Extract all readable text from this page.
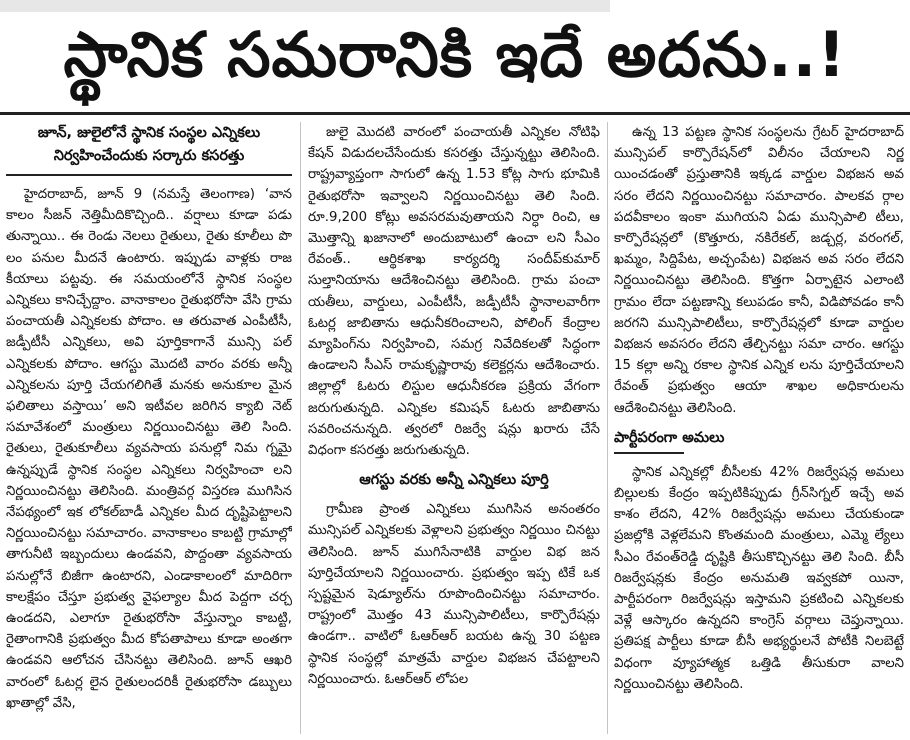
స్థానిక సమరానికి ఇదే అదను..!
జూన్, జులైలోనే స్థానిక సంస్థల ఎన్నికలు నిర్వహించేందుకు సర్కారు కసరత్తు

హైదరాబాద్, జూన్ 9 (నమస్తే తెలంగాణ) ‘వాన కాలం సీజన్ నెత్తిమీదికొచ్చింది.. వర్షాలు కూడా పడు తున్నాయి.. ఈ రెండు నెలలు రైతులు, రైతు కూలీలు పొ లం పనుల మీదనే ఉంటారు. ఇప్పుడు వాళ్లకు రాజ కీయాలు పట్టవు. ఈ సమయంలోనే స్థానిక సంస్థల ఎన్నికలు కానిచ్చేద్దాం. వానాకాలం రైతుభరోసా వేసి గ్రామ పంచాయతీ ఎన్నికలకు పోదాం. ఆ తరువాత ఎంపీటీసీ, జడ్పీటీసీ ఎన్నికలు, అవి పూర్తికాగానే మున్సి పల్ ఎన్నికలకు పోదాం. ఆగస్టు మొదటి వారం వరకు అన్నీ ఎన్నికలను పూర్తి చేయగలిగితే మనకు అనుకూల మైన ఫలితాలు వస్తాయి’ అని ఇటీవల జరిగిన క్యాబి నెట్ సమావేశంలో మంత్రులు నిర్ణయించినట్టు తెలి సింది. రైతులు, రైతుకూలీలు వ్యవసాయ పనుల్లో నిమ గ్నమై ఉన్నప్పుడే స్థానిక సంస్థల ఎన్నికలు నిర్వహించా లని నిర్ణయించినట్టు తెలిసింది. మంత్రివర్గ విస్తరణ ముగిసిన నేపథ్యంలో ఇక లోకల్‌బాడీ ఎన్నికల మీద దృష్టిపెట్టాలని నిర్ణయించినట్టు సమాచారం. వానాకాలం కాబట్టి గ్రామాల్లో తాగునీటి ఇబ్బందులు ఉండవని, పొద్దంతా వ్యవసాయ పనుల్లోనే బిజీగా ఉంటారని, ఎండాకాలంలో మాదిరిగా కాలక్షేపం చేస్తూ ప్రభుత్వ వైఫల్యాల మీద పెద్దగా చర్చ ఉండదని, ఎలాగూ రైతుభరోసా వేస్తున్నాం కాబట్టి, రైతాంగానికి ప్రభుత్వం మీద కోపతాపాలు కూడా అంతగా ఉండవని ఆలోచన చేసినట్టు తెలిసింది. జూన్ ఆఖరి వారంలో ఓటర్ల లైన రైతులందరికీ రైతుభరోసా డబ్బులు ఖాతాల్లో వేసి,

జులై మొదటి వారంలో పంచాయతీ ఎన్నికల నోటిఫి కేషన్ విడుదలచేసేందుకు కసరత్తు చేస్తున్నట్టు తెలిసింది. రాష్ట్రవ్యాప్తంగా సాగులో ఉన్న 1.53 కోట్ల సాగు భూమికి రైతుభరోసా ఇవ్వాలని నిర్ణయించినట్టు తెలి సింది. రూ.9,200 కోట్లు అవసరమవుతాయని నిర్ధా రించి, ఆ మొత్తాన్ని ఖజానాలో అందుబాటులో ఉంచా లని సీఎం రేవంత్.. ఆర్థికశాఖ కార్యదర్శి సందీప్‌కుమార్ సుల్తానియాను ఆదేశించినట్టు తెలిసింది. గ్రామ పంచా యతీలు, వార్డులు, ఎంపీటీసీ, జడ్పీటీసీ స్థానాలవారీగా ఓటర్ల జాబితాను ఆధునీకరించాలని, పోలింగ్ కేంద్రాల మ్యాపింగ్‌ను నిర్వహించి, సమగ్ర నివేదికలతో సిద్ధంగా ఉండాలని సీఎస్ రామకృష్ణారావు కలెక్టర్లను ఆదేశించారు. జిల్లాల్లో ఓటరు లిస్టుల ఆధునీకరణ ప్రక్రియ వేగంగా జరుగుతున్నది. ఎన్నికల కమిషన్ ఓటరు జాబితాను సవరించనున్నది. త్వరలో రిజర్వే షన్లు ఖరారు చేసే విధంగా కసరత్తు జరుగుతున్నది.

ఆగస్టు వరకు అన్నీ ఎన్నికలు పూర్తి

గ్రామీణ ప్రాంత ఎన్నికలు ముగిసిన అనంతరం మున్సిపల్ ఎన్నికలకు వెళ్లాలని ప్రభుత్వం నిర్ణయిం చినట్టు తెలిసింది. జూన్ ముగిసేనాటికి వార్డుల విభ జన పూర్తిచేయాలని నిర్ణయించారు. ప్రభుత్వం ఇప్ప టికే ఒక స్పష్టమైన షెడ్యూల్‌ను రూపొందించినట్టు సమాచారం. రాష్ట్రంలో మొత్తం 43 మున్సిపాలిటీలు, కార్పొరేషన్లు ఉండగా.. వాటిలో ఓఆర్‌ఆర్ బయట ఉన్న 30 పట్టణ స్థానిక సంస్థల్లో మాత్రమే వార్డుల విభజన చేపట్టాలని నిర్ణయించారు. ఓఆర్‌ఆర్ లోపల

ఉన్న 13 పట్టణ స్థానిక సంస్థలను గ్రేటర్ హైదరాబాద్ మున్సిపల్ కార్పొరేషన్‌లో విలీనం చేయాలని నిర్ణ యించడంతో ప్రస్తుతానికి ఇక్కడ వార్డుల విభజన అవ సరం లేదని నిర్ణయించినట్టు సమాచారం. పాలకవ ర్గాల పదవీకాలం ఇంకా ముగియని ఏడు మున్సిపాలి టీలు, కార్పొరేషన్లలో (కొత్తూరు, నకిరేకల్, జడ్చర్ల, వరంగల్, ఖమ్మం, సిద్దిపేట, అచ్చంపేట) విభజన అవ సరం లేదని నిర్ణయించినట్టు తెలిసింది. కొత్తగా ఏర్పాటైన ఎలాంటి గ్రామం లేదా పట్టణాన్ని కలుపడం కానీ, విడిపోవడం కానీ జరగని మున్సిపాలిటీలు, కార్పొరేషన్లలో కూడా వార్డుల విభజన అవసరం లేదని తేల్చినట్టు సమా చారం. ఆగస్టు 15 కల్లా అన్ని రకాల స్థానిక ఎన్నిక లను పూర్తిచేయాలని రేవంత్ ప్రభుత్వం ఆయా శాఖల అధికారులను ఆదేశించినట్టు తెలిసింది.

పార్టీపరంగా అమలు

స్థానిక ఎన్నికల్లో బీసీలకు 42% రిజర్వేషన్ల అమలు బిల్లులకు కేంద్రం ఇప్పటికిప్పుడు గ్రీన్‌సిగ్నల్ ఇచ్చే అవ కాశం లేదని, 42% రిజర్వేషన్లు అమలు చేయకుండా ప్రజల్లోకి వెళ్లలేమని కొంతమంది మంత్రులు, ఎమ్మె ల్యేలు సీఎం రేవంత్‌రెడ్డి దృష్టికి తీసుకొచ్చినట్టు తెలి సింది. బీసీ రిజర్వేషన్లకు కేంద్రం అనుమతి ఇవ్వకపో యినా, పార్టీపరంగా రిజర్వేషన్లు ఇస్తామని ప్రకటించి ఎన్నికలకు వెళ్లే ఆస్కారం ఉన్నదని కాంగ్రెస్ వర్గాలు చెప్తున్నాయి. ప్రతిపక్ష పార్టీలు కూడా బీసీ అభ్యర్థులనే పోటీకి నిలబెట్టే విధంగా వ్యూహాత్మక ఒత్తిడి తీసుకురా వాలని నిర్ణయించినట్టు తెలిసింది.
